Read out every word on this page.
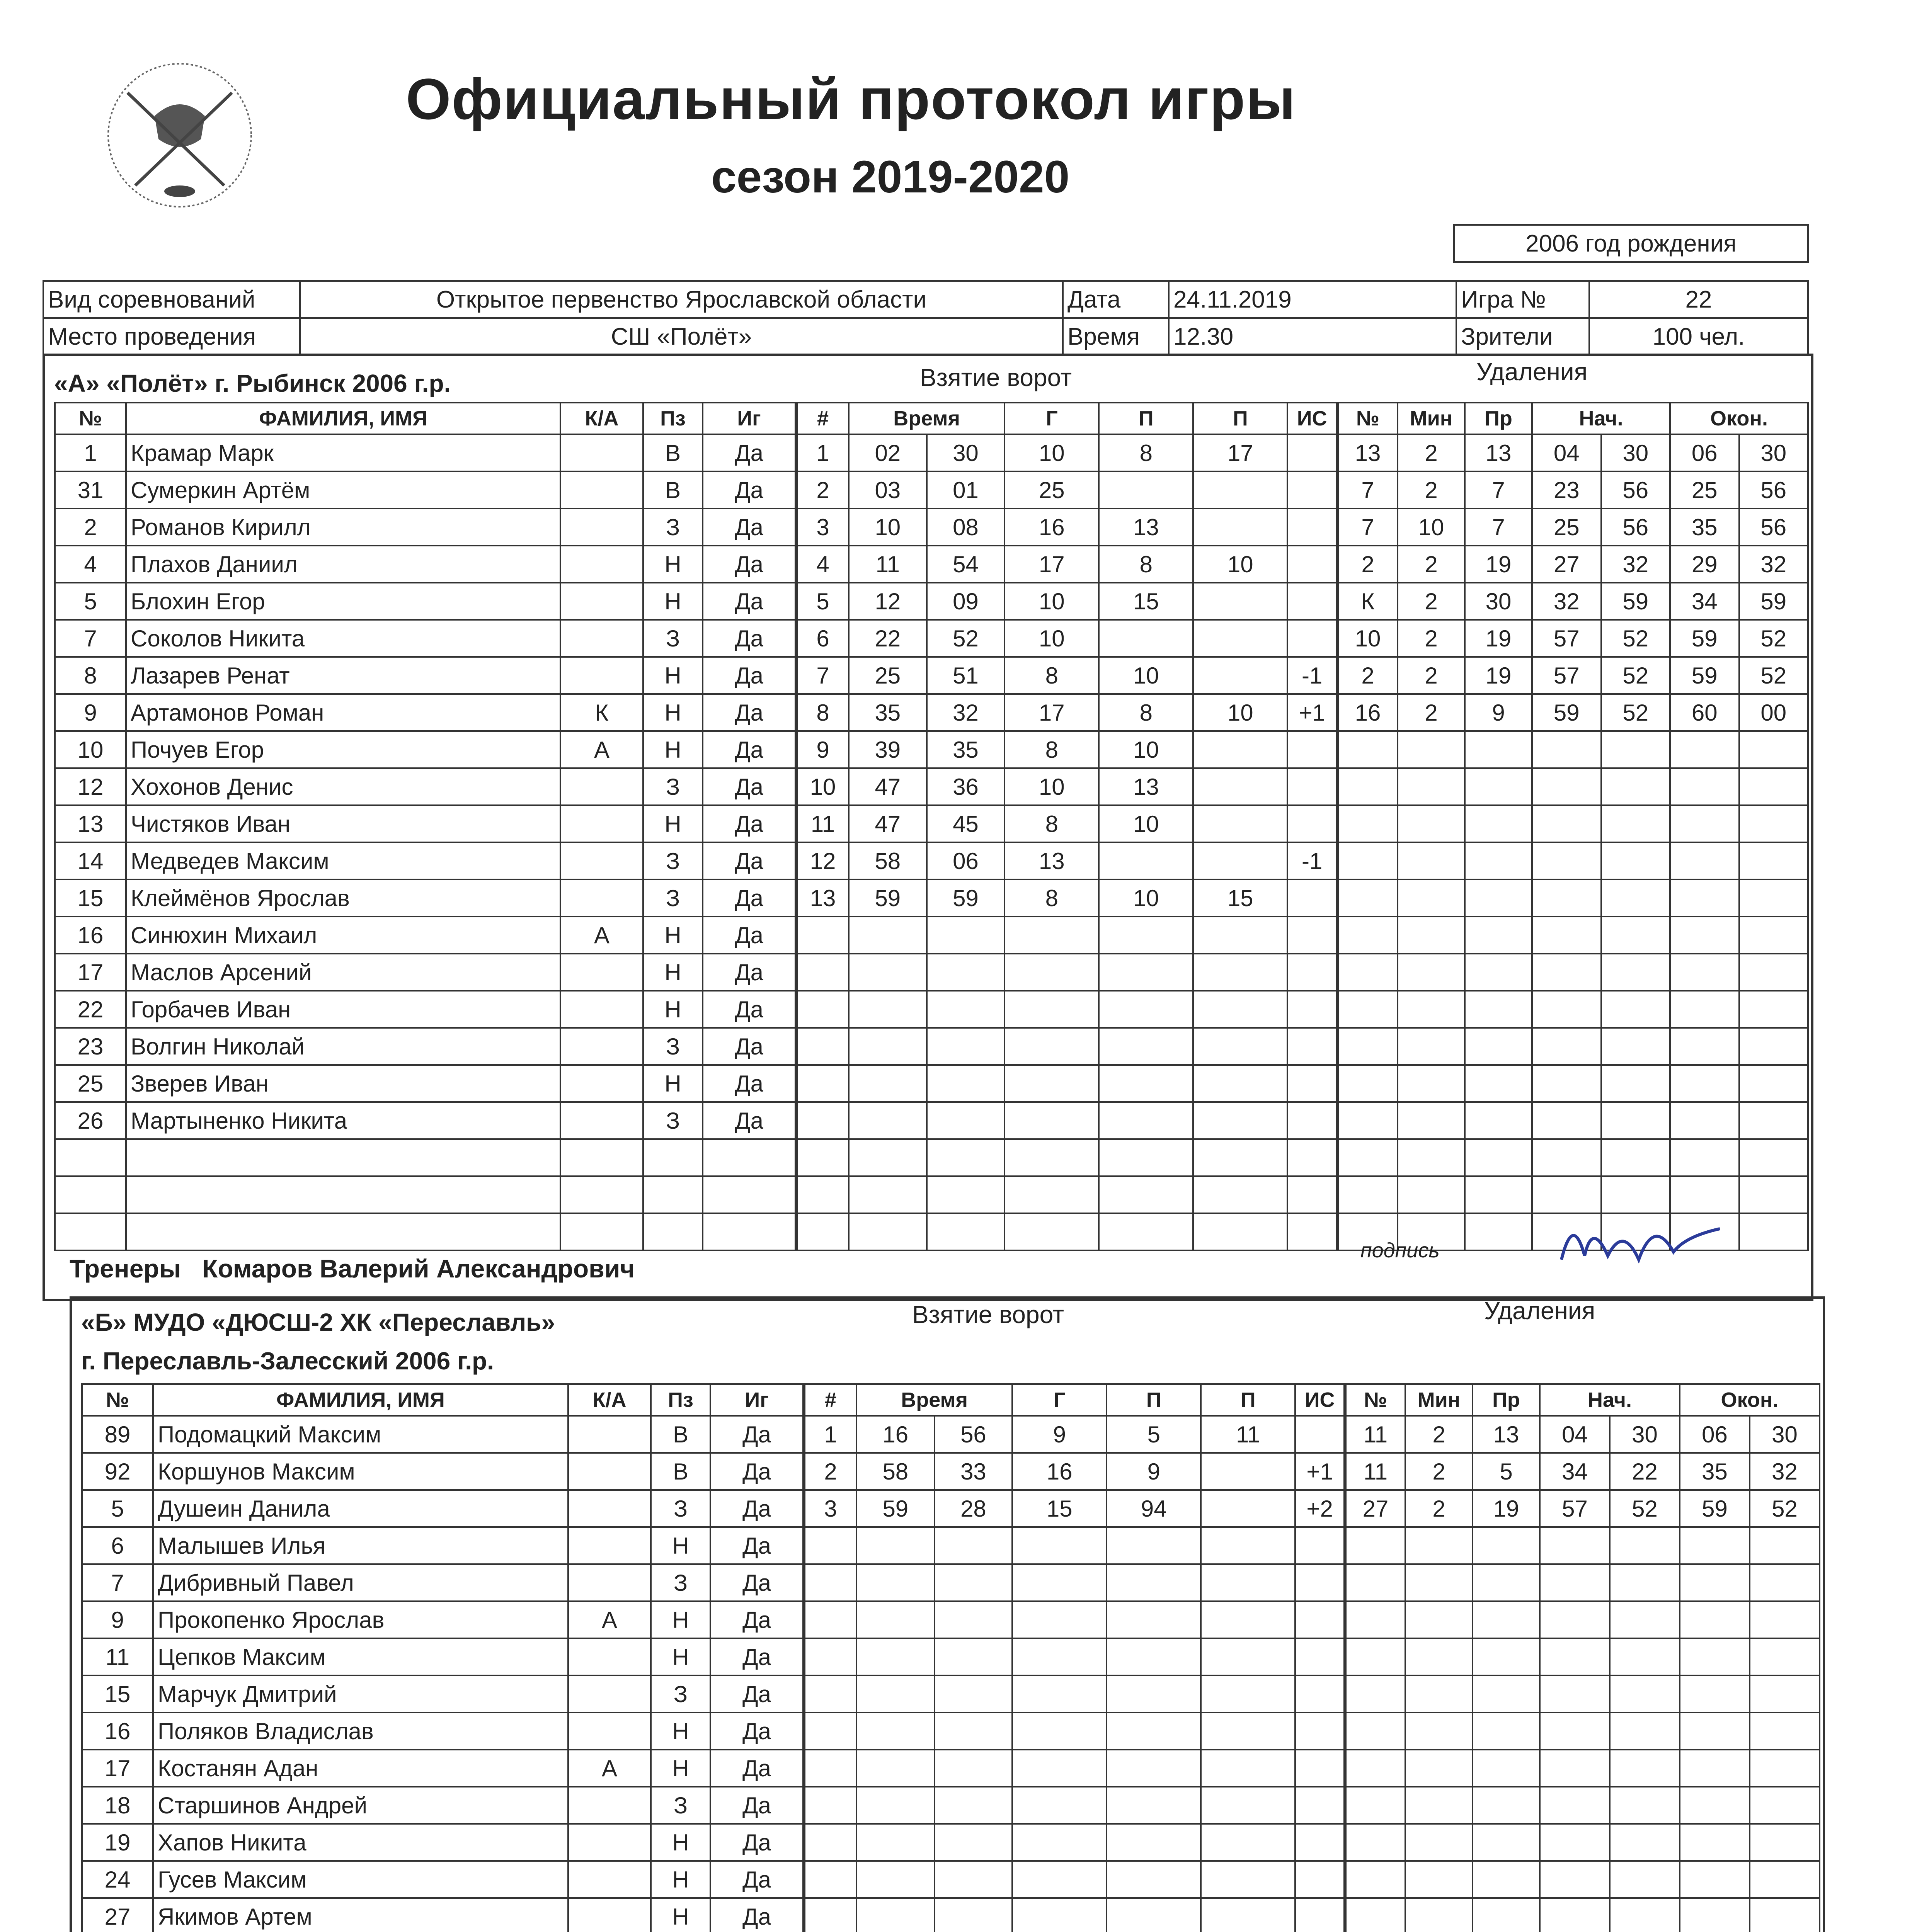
Официальный протокол игры
сезон 2019-2020
2006 год рождения
Вид соревнований	Открытое первенство Ярославской области	Дата	24.11.2019	Игра №	22
Место проведения	СШ «Полёт»	Время	12.30	Зрители	100 чел.
«А» «Полёт» г. Рыбинск 2006 г.р.	Взятие ворот	Удаления
№	ФАМИЛИЯ, ИМЯ	К/А	Пз	Иг
1	Крамар Марк		В	Да
31	Сумеркин Артём		В	Да
2	Романов Кирилл		З	Да
4	Плахов Даниил		Н	Да
5	Блохин Егор		Н	Да
7	Соколов Никита		З	Да
8	Лазарев Ренат		Н	Да
9	Артамонов Роман	К	Н	Да
10	Почуев Егор	А	Н	Да
12	Хохонов Денис		З	Да
13	Чистяков Иван		Н	Да
14	Медведев Максим		З	Да
15	Клеймёнов Ярослав		З	Да
16	Синюхин Михаил	А	Н	Да
17	Маслов Арсений		Н	Да
22	Горбачев Иван		Н	Да
23	Волгин Николай		З	Да
25	Зверев Иван		Н	Да
26	Мартыненко Никита		З	Да

#	Время		Г	П	П	ИС
1	02	30	10	8	17	
2	03	01	25			
3	10	08	16	13		
4	11	54	17	8	10	
5	12	09	10	15		
6	22	52	10			
7	25	51	8	10		-1
8	35	32	17	8	10	+1
9	39	35	8	10		
10	47	36	10	13		
11	47	45	8	10		
12	58	06	13			-1
13	59	59	8	10	15	

№	Мин	Пр	Нач.		Окон.	
13	2	13	04	30	06	30
7	2	7	23	56	25	56
7	10	7	25	56	35	56
2	2	19	27	32	29	32
К	2	30	32	59	34	59
10	2	19	57	52	59	52
2	2	19	57	52	59	52
16	2	9	59	52	60	00

Тренеры Комаров Валерий Александрович
подпись
«Б» МУДО «ДЮСШ-2 ХК «Переславль»
г. Переславль-Залесский 2006 г.р.
Взятие ворот	Удаления
№	ФАМИЛИЯ, ИМЯ	К/А	Пз	Иг
89	Подомацкий Максим		В	Да
92	Коршунов Максим		В	Да
5	Душеин Данила		З	Да
6	Малышев Илья		Н	Да
7	Дибривный Павел		З	Да
9	Прокопенко Ярослав	А	Н	Да
11	Цепков Максим		Н	Да
15	Марчук Дмитрий		З	Да
16	Поляков Владислав		Н	Да
17	Костанян Адан	А	Н	Да
18	Старшинов Андрей		З	Да
19	Хапов Никита		Н	Да
24	Гусев Максим		Н	Да
27	Якимов Артем		Н	Да

#	Время		Г	П	П	ИС
1	16	56	9	5	11	
2	58	33	16	9		+1
3	59	28	15	94		+2

№	Мин	Пр	Нач.		Окон.	
11	2	13	04	30	06	30
11	2	5	34	22	35	32
27	2	19	57	52	59	52
